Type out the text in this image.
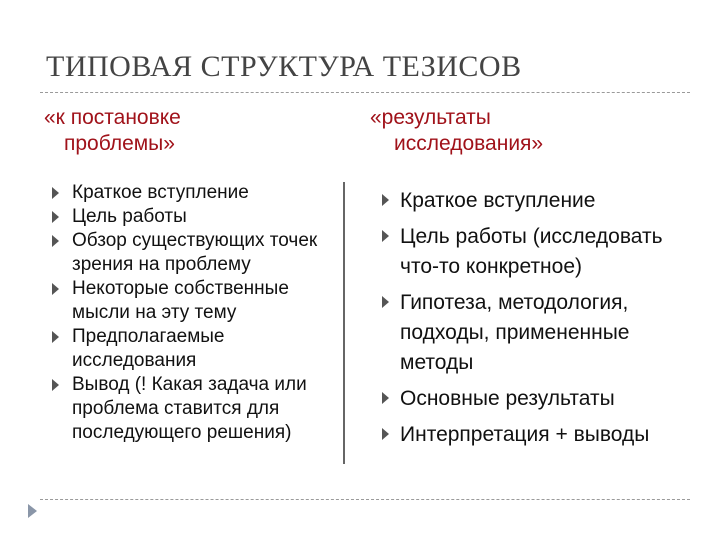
ТИПОВАЯ СТРУКТУРА ТЕЗИСОВ
«к постановке
проблемы»
«результаты
исследования»
Краткое вступление
Цель работы
Обзор существующих точек зрения на проблему
Некоторые собственные мысли на эту тему
Предполагаемые исследования
Вывод (! Какая задача или проблема ставится для последующего решения)
Краткое вступление
Цель работы (исследовать что-то конкретное)
Гипотеза, методология, подходы, примененные методы
Основные результаты
Интерпретация + выводы
